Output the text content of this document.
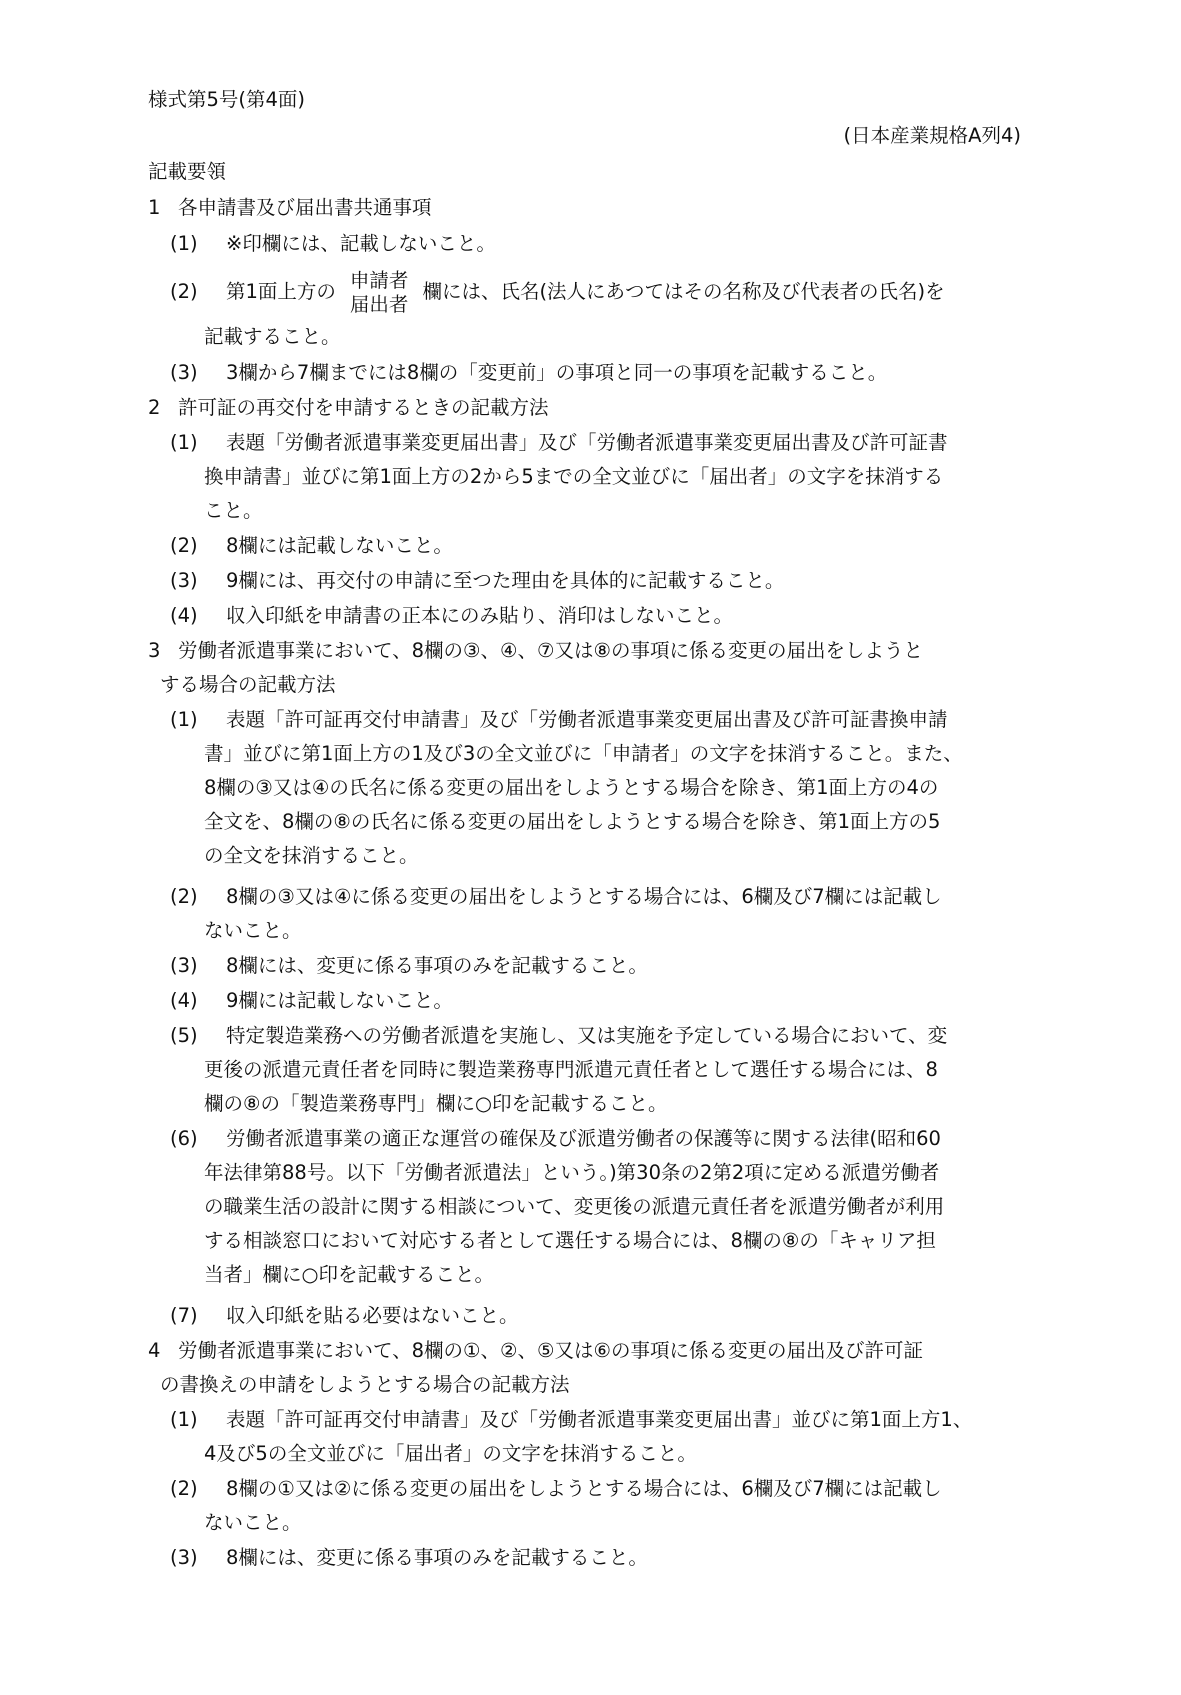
様式第5号(第4面)
(日本産業規格A列4)
記載要領
1 各申請書及び届出書共通事項
(1) ※印欄には、記載しないこと。
(2) 第1面上方の 申請者
届出者
欄には、氏名(法人にあつてはその名称及び代表者の氏名)を
記載すること。
(3) 3欄から7欄までには8欄の「変更前」の事項と同一の事項を記載すること。
2 許可証の再交付を申請するときの記載方法
(1) 表題「労働者派遣事業変更届出書」及び「労働者派遣事業変更届出書及び許可証書
換申請書」並びに第1面上方の2から5までの全文並びに「届出者」の文字を抹消する
こと。
(2) 8欄には記載しないこと。
(3) 9欄には、再交付の申請に至つた理由を具体的に記載すること。
(4) 収入印紙を申請書の正本にのみ貼り、消印はしないこと。
3 労働者派遣事業において、8欄の③、④、⑦又は⑧の事項に係る変更の届出をしようと
する場合の記載方法
(1) 表題「許可証再交付申請書」及び「労働者派遣事業変更届出書及び許可証書換申請
書」並びに第1面上方の1及び3の全文並びに「申請者」の文字を抹消すること。また、
8欄の③又は④の氏名に係る変更の届出をしようとする場合を除き、第1面上方の4の
全文を、8欄の⑧の氏名に係る変更の届出をしようとする場合を除き、第1面上方の5
の全文を抹消すること。
(2) 8欄の③又は④に係る変更の届出をしようとする場合には、6欄及び7欄には記載し
ないこと。
(3) 8欄には、変更に係る事項のみを記載すること。
(4) 9欄には記載しないこと。
(5) 特定製造業務への労働者派遣を実施し、又は実施を予定している場合において、変
更後の派遣元責任者を同時に製造業務専門派遣元責任者として選任する場合には、8
欄の⑧の「製造業務専門」欄に○印を記載すること。
(6) 労働者派遣事業の適正な運営の確保及び派遣労働者の保護等に関する法律(昭和60
年法律第88号。以下「労働者派遣法」という。)第30条の2第2項に定める派遣労働者
の職業生活の設計に関する相談について、変更後の派遣元責任者を派遣労働者が利用
する相談窓口において対応する者として選任する場合には、8欄の⑧の「キャリア担
当者」欄に○印を記載すること。
(7) 収入印紙を貼る必要はないこと。
4 労働者派遣事業において、8欄の①、②、⑤又は⑥の事項に係る変更の届出及び許可証
の書換えの申請をしようとする場合の記載方法
(1) 表題「許可証再交付申請書」及び「労働者派遣事業変更届出書」並びに第1面上方1、
4及び5の全文並びに「届出者」の文字を抹消すること。
(2) 8欄の①又は②に係る変更の届出をしようとする場合には、6欄及び7欄には記載し
ないこと。
(3) 8欄には、変更に係る事項のみを記載すること。
